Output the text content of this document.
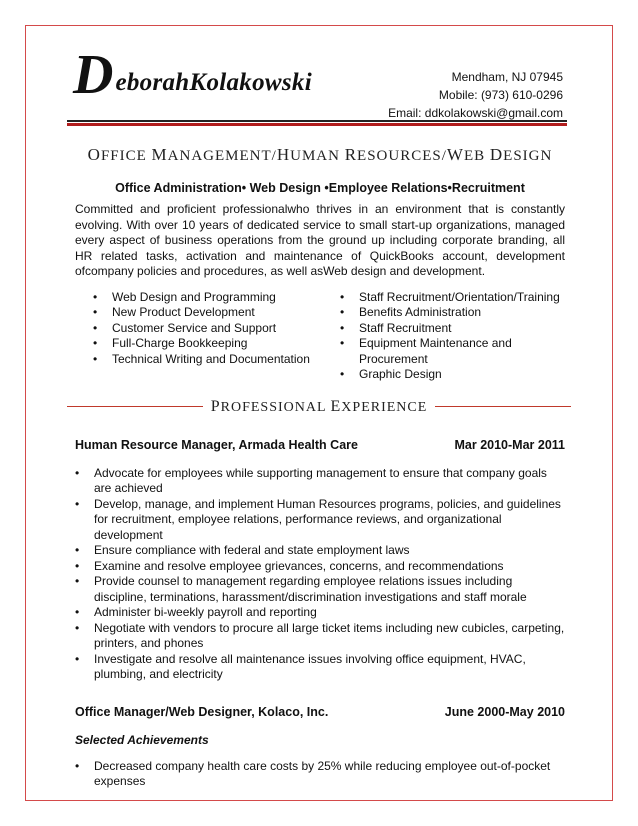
D eborahKolakowski	Mendham, NJ 07945
Mobile: (973) 610-0296
Email: ddkolakowski@gmail.com
OFFICE MANAGEMENT/HUMAN RESOURCES/WEB DESIGN
Office Administration• Web Design •Employee Relations•Recruitment

Committed and proficient professionalwho thrives in an environment that is constantly evolving. With over 10 years of dedicated service to small start-up organizations, managed every aspect of business operations from the ground up including corporate branding, all HR related tasks, activation and maintenance of QuickBooks account, development ofcompany policies and procedures, as well asWeb design and development.

• Web Design and Programming
• New Product Development
• Customer Service and Support
• Full-Charge Bookkeeping
• Technical Writing and Documentation
• Staff Recruitment/Orientation/Training
• Benefits Administration
• Staff Recruitment
• Equipment Maintenance and Procurement
• Graphic Design
PROFESSIONAL EXPERIENCE
Human Resource Manager, Armada Health Care	Mar 2010-Mar 2011
• Advocate for employees while supporting management to ensure that company goals are achieved
• Develop, manage, and implement Human Resources programs, policies, and guidelines for recruitment, employee relations, performance reviews, and organizational development
• Ensure compliance with federal and state employment laws
• Examine and resolve employee grievances, concerns, and recommendations
• Provide counsel to management regarding employee relations issues including discipline, terminations, harassment/discrimination investigations and staff morale
• Administer bi-weekly payroll and reporting
• Negotiate with vendors to procure all large ticket items including new cubicles, carpeting, printers, and phones
• Investigate and resolve all maintenance issues involving office equipment, HVAC, plumbing, and electricity
Office Manager/Web Designer, Kolaco, Inc.	June 2000-May 2010
Selected Achievements
• Decreased company health care costs by 25% while reducing employee out-of-pocket expenses
